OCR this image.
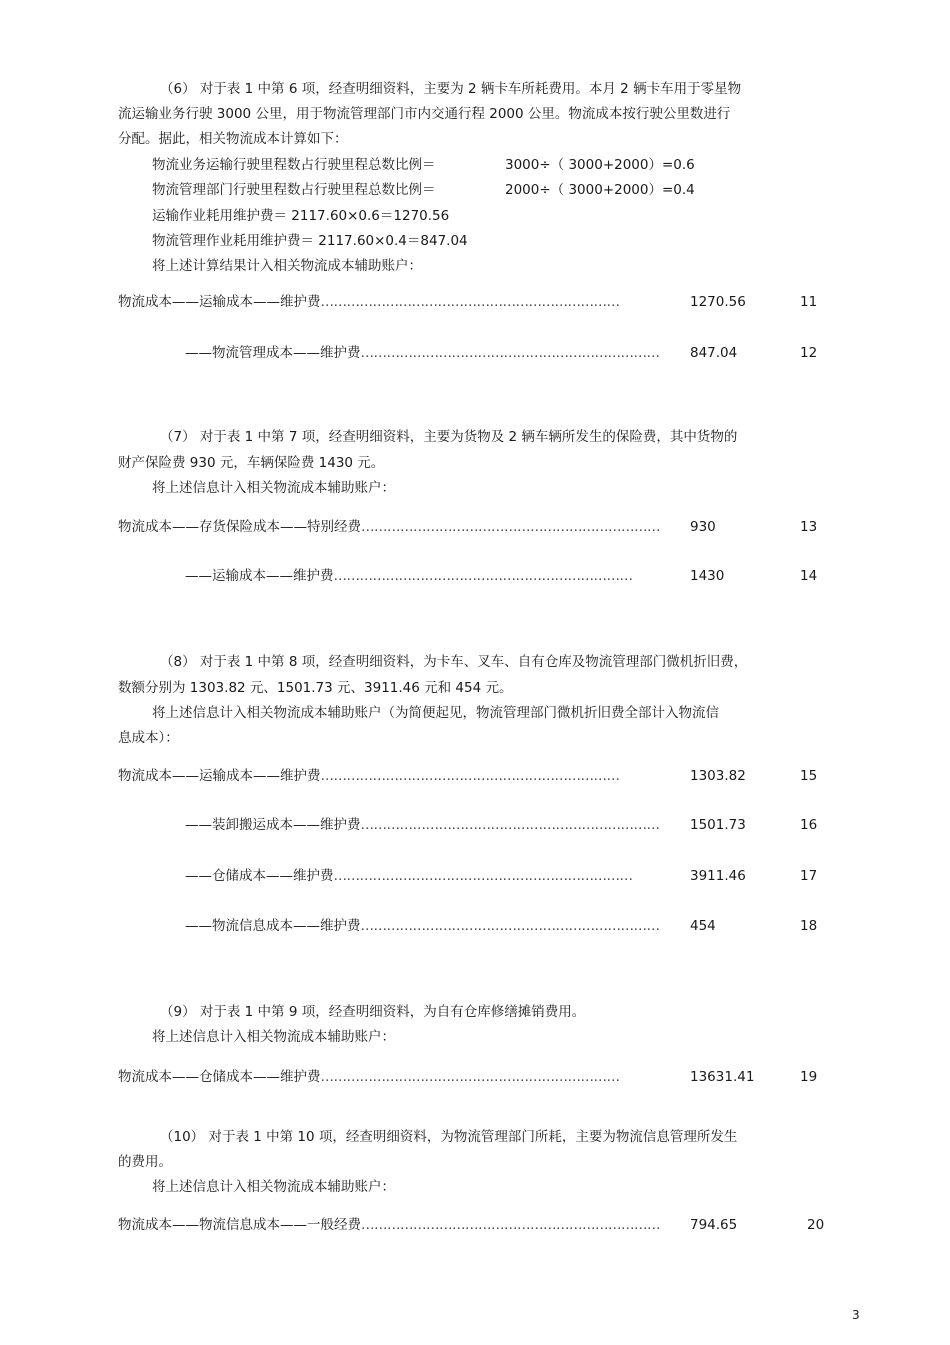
（6） 对于表 1 中第 6 项，经查明细资料，主要为 2 辆卡车所耗费用。本月 2 辆卡车用于零星物
流运输业务行驶 3000 公里，用于物流管理部门市内交通行程 2000 公里。物流成本按行驶公里数进行
分配。据此，相关物流成本计算如下：
物流业务运输行驶里程数占行驶里程总数比例＝	3000÷（ 3000+2000）=0.6
物流管理部门行驶里程数占行驶里程总数比例＝	2000÷（ 3000+2000）=0.4
运输作业耗用维护费＝ 2117.60×0.6＝1270.56
物流管理作业耗用维护费＝ 2117.60×0.4＝847.04
将上述计算结果计入相关物流成本辅助账户：
物流成本——运输成本——维护费……………………………………………………………	1270.56	11
——物流管理成本——维护费…………………………………………………………… 847.04	12
（7） 对于表 1 中第 7 项，经查明细资料，主要为货物及 2 辆车辆所发生的保险费，其中货物的
财产保险费 930 元，车辆保险费 1430 元。
将上述信息计入相关物流成本辅助账户：
物流成本——存货保险成本——特别经费…………………………………………………………… 930	13
——运输成本——维护费……………………………………………………………	1430	14
（8） 对于表 1 中第 8 项，经查明细资料，为卡车、叉车、自有仓库及物流管理部门微机折旧费，
数额分别为 1303.82 元、1501.73 元、3911.46 元和 454 元。
将上述信息计入相关物流成本辅助账户（为简便起见，物流管理部门微机折旧费全部计入物流信
息成本）：
物流成本——运输成本——维护费……………………………………………………………	1303.82	15
——装卸搬运成本——维护费…………………………………………………………… 1501.73	16
——仓储成本——维护费……………………………………………………………	3911.46	17
——物流信息成本——维护费…………………………………………………………… 454	18
（9） 对于表 1 中第 9 项，经查明细资料，为自有仓库修缮摊销费用。
将上述信息计入相关物流成本辅助账户：
物流成本——仓储成本——维护费……………………………………………………………	13631.41	19
（10） 对于表 1 中第 10 项，经查明细资料，为物流管理部门所耗，主要为物流信息管理所发生
的费用。
将上述信息计入相关物流成本辅助账户：
物流成本——物流信息成本——一般经费…………………………………………………………… 794.65	20
3
